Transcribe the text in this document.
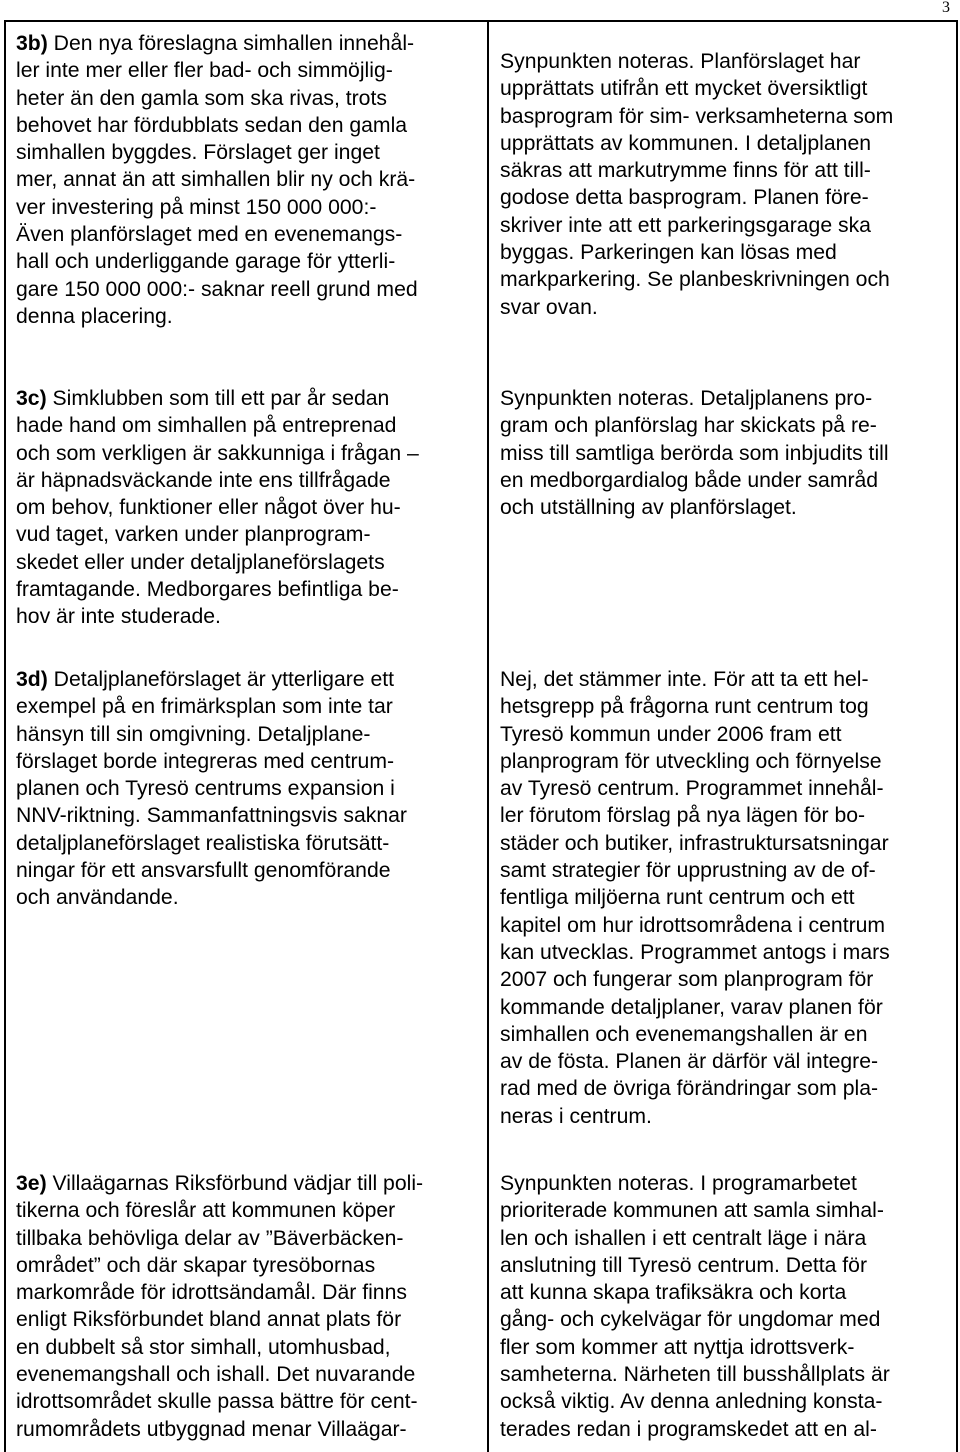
3
3b) Den nya föreslagna simhallen innehål-
ler inte mer eller fler bad- och simmöjlig-
heter än den gamla som ska rivas, trots
behovet har fördubblats sedan den gamla
simhallen byggdes. Förslaget ger inget
mer, annat än att simhallen blir ny och krä-
ver investering på minst 150 000 000:-
Även planförslaget med en evenemangs-
hall och underliggande garage för ytterli-
gare 150 000 000:- saknar reell grund med
denna placering.
3c) Simklubben som till ett par år sedan
hade hand om simhallen på entreprenad
och som verkligen är sakkunniga i frågan –
är häpnadsväckande inte ens tillfrågade
om behov, funktioner eller något över hu-
vud taget, varken under planprogram-
skedet eller under detaljplaneförslagets
framtagande. Medborgares befintliga be-
hov är inte studerade.
3d) Detaljplaneförslaget är ytterligare ett
exempel på en frimärksplan som inte tar
hänsyn till sin omgivning. Detaljplane-
förslaget borde integreras med centrum-
planen och Tyresö centrums expansion i
NNV-riktning. Sammanfattningsvis saknar
detaljplaneförslaget realistiska förutsätt-
ningar för ett ansvarsfullt genomförande
och användande.
3e) Villaägarnas Riksförbund vädjar till poli-
tikerna och föreslår att kommunen köper
tillbaka behövliga delar av ”Bäverbäcken-
området” och där skapar tyresöbornas
markområde för idrottsändamål. Där finns
enligt Riksförbundet bland annat plats för
en dubbelt så stor simhall, utomhusbad,
evenemangshall och ishall. Det nuvarande
idrottsområdet skulle passa bättre för cent-
rumområdets utbyggnad menar Villaägar-
Synpunkten noteras. Planförslaget har
upprättats utifrån ett mycket översiktligt
basprogram för sim- verksamheterna som
upprättats av kommunen. I detaljplanen
säkras att markutrymme finns för att till-
godose detta basprogram. Planen före-
skriver inte att ett parkeringsgarage ska
byggas. Parkeringen kan lösas med
markparkering. Se planbeskrivningen och
svar ovan.
Synpunkten noteras. Detaljplanens pro-
gram och planförslag har skickats på re-
miss till samtliga berörda som inbjudits till
en medborgardialog både under samråd
och utställning av planförslaget.
Nej, det stämmer inte. För att ta ett hel-
hetsgrepp på frågorna runt centrum tog
Tyresö kommun under 2006 fram ett
planprogram för utveckling och förnyelse
av Tyresö centrum. Programmet innehål-
ler förutom förslag på nya lägen för bo-
städer och butiker, infrastruktursatsningar
samt strategier för upprustning av de of-
fentliga miljöerna runt centrum och ett
kapitel om hur idrottsområdena i centrum
kan utvecklas. Programmet antogs i mars
2007 och fungerar som planprogram för
kommande detaljplaner, varav planen för
simhallen och evenemangshallen är en
av de fösta. Planen är därför väl integre-
rad med de övriga förändringar som pla-
neras i centrum.
Synpunkten noteras. I programarbetet
prioriterade kommunen att samla simhal-
len och ishallen i ett centralt läge i nära
anslutning till Tyresö centrum. Detta för
att kunna skapa trafiksäkra och korta
gång- och cykelvägar för ungdomar med
fler som kommer att nyttja idrottsverk-
samheterna. Närheten till busshållplats är
också viktig. Av denna anledning konsta-
terades redan i programskedet att en al-
